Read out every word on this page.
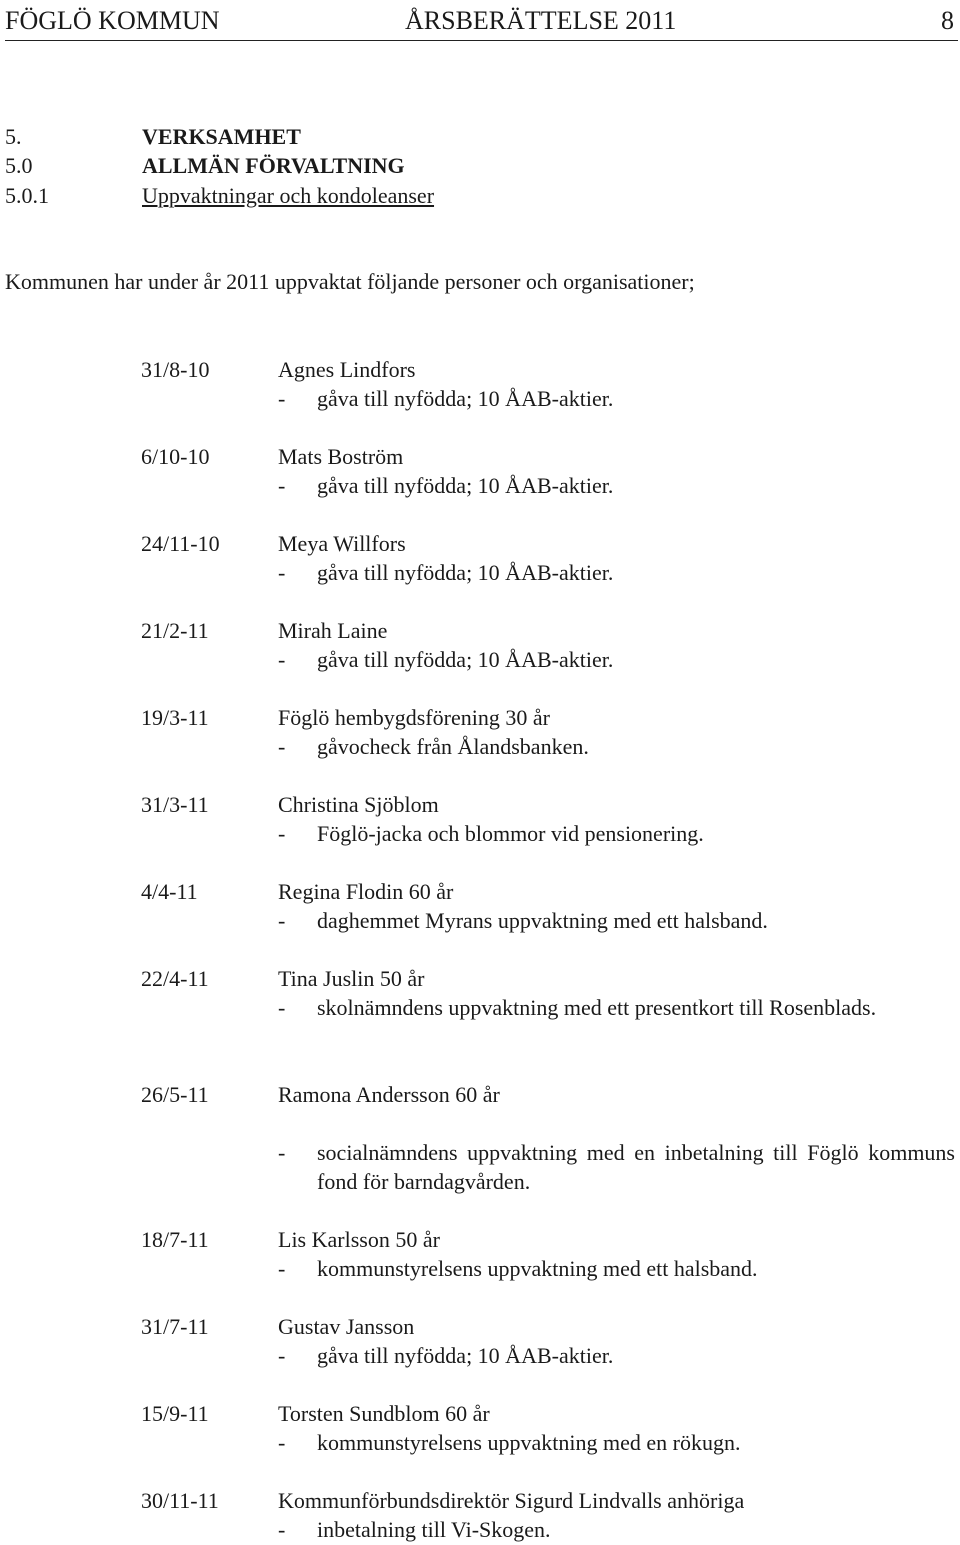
FÖGLÖ KOMMUN	ÅRSBERÄTTELSE 2011	8
5.	VERKSAMHET
5.0	ALLMÄN FÖRVALTNING
5.0.1	Uppvaktningar och kondoleanser
Kommunen har under år 2011 uppvaktat följande personer och organisationer;
31/8-10	Agnes Lindfors
- gåva till nyfödda; 10 ÅAB-aktier.
6/10-10	Mats Boström
- gåva till nyfödda; 10 ÅAB-aktier.
24/11-10	Meya Willfors
- gåva till nyfödda; 10 ÅAB-aktier.
21/2-11	Mirah Laine
- gåva till nyfödda; 10 ÅAB-aktier.
19/3-11	Föglö hembygdsförening 30 år
- gåvocheck från Ålandsbanken.
31/3-11	Christina Sjöblom
- Föglö-jacka och blommor vid pensionering.
4/4-11	Regina Flodin 60 år
- daghemmet Myrans uppvaktning med ett halsband.
22/4-11	Tina Juslin 50 år
- skolnämndens uppvaktning med ett presentkort till Rosenblads.
26/5-11	Ramona Andersson 60 år
- socialnämndens uppvaktning med en inbetalning till Föglö kommuns fond för barndagvården.
18/7-11	Lis Karlsson 50 år
- kommunstyrelsens uppvaktning med ett halsband.
31/7-11	Gustav Jansson
- gåva till nyfödda; 10 ÅAB-aktier.
15/9-11	Torsten Sundblom 60 år
- kommunstyrelsens uppvaktning med en rökugn.
30/11-11	Kommunförbundsdirektör Sigurd Lindvalls anhöriga
- inbetalning till Vi-Skogen.
